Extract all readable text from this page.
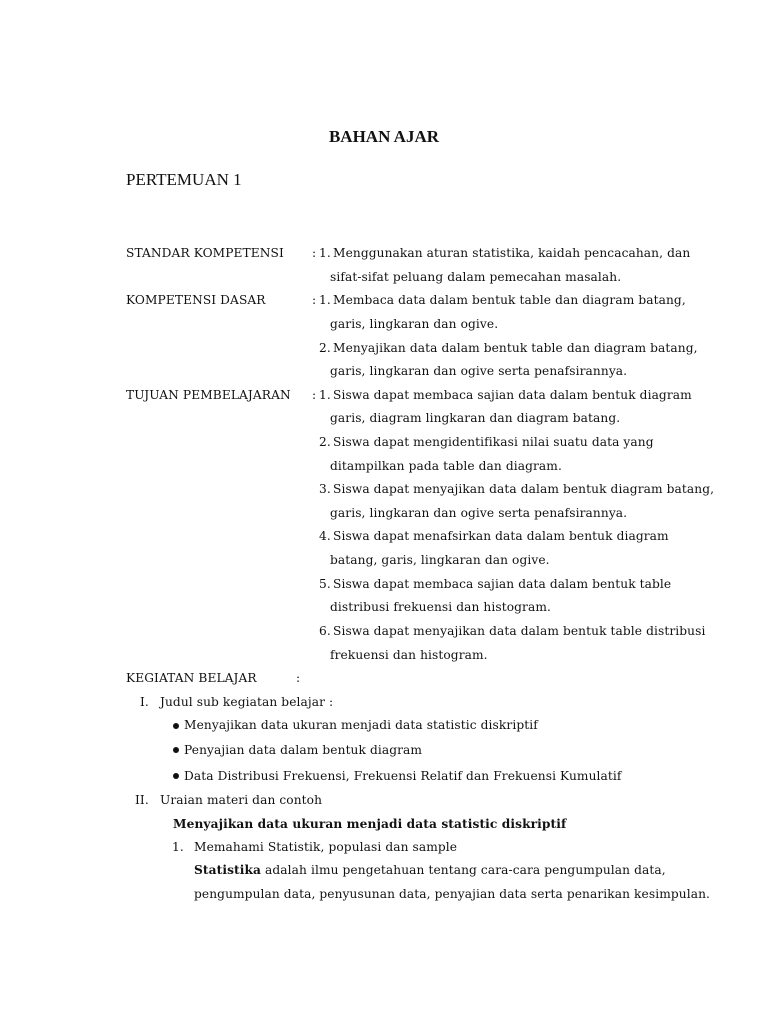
BAHAN AJAR
PERTEMUAN 1
STANDAR KOMPETENSI : 1. Menggunakan aturan statistika, kaidah pencacahan, dan
sifat-sifat peluang dalam pemecahan masalah.
KOMPETENSI DASAR	: 1. Membaca data dalam bentuk table dan diagram batang,
garis, lingkaran dan ogive.
2. Menyajikan data dalam bentuk table dan diagram batang,
garis, lingkaran dan ogive serta penafsirannya.
TUJUAN PEMBELAJARAN : 1. Siswa dapat membaca sajian data dalam bentuk diagram
garis, diagram lingkaran dan diagram batang.
2. Siswa dapat mengidentifikasi nilai suatu data yang
ditampilkan pada table dan diagram.
3. Siswa dapat menyajikan data dalam bentuk diagram batang,
garis, lingkaran dan ogive serta penafsirannya.
4. Siswa dapat menafsirkan data dalam bentuk diagram
batang, garis, lingkaran dan ogive.
5. Siswa dapat membaca sajian data dalam bentuk table
distribusi frekuensi dan histogram.
6. Siswa dapat menyajikan data dalam bentuk table distribusi
frekuensi dan histogram.
KEGIATAN BELAJAR	:
I. Judul sub kegiatan belajar :
Menyajikan data ukuran menjadi data statistic diskriptif
Penyajian data dalam bentuk diagram
Data Distribusi Frekuensi, Frekuensi Relatif dan Frekuensi Kumulatif
II. Uraian materi dan contoh
Menyajikan data ukuran menjadi data statistic diskriptif
1. Memahami Statistik, populasi dan sample
Statistika adalah ilmu pengetahuan tentang cara-cara pengumpulan data,
pengumpulan data, penyusunan data, penyajian data serta penarikan kesimpulan.
